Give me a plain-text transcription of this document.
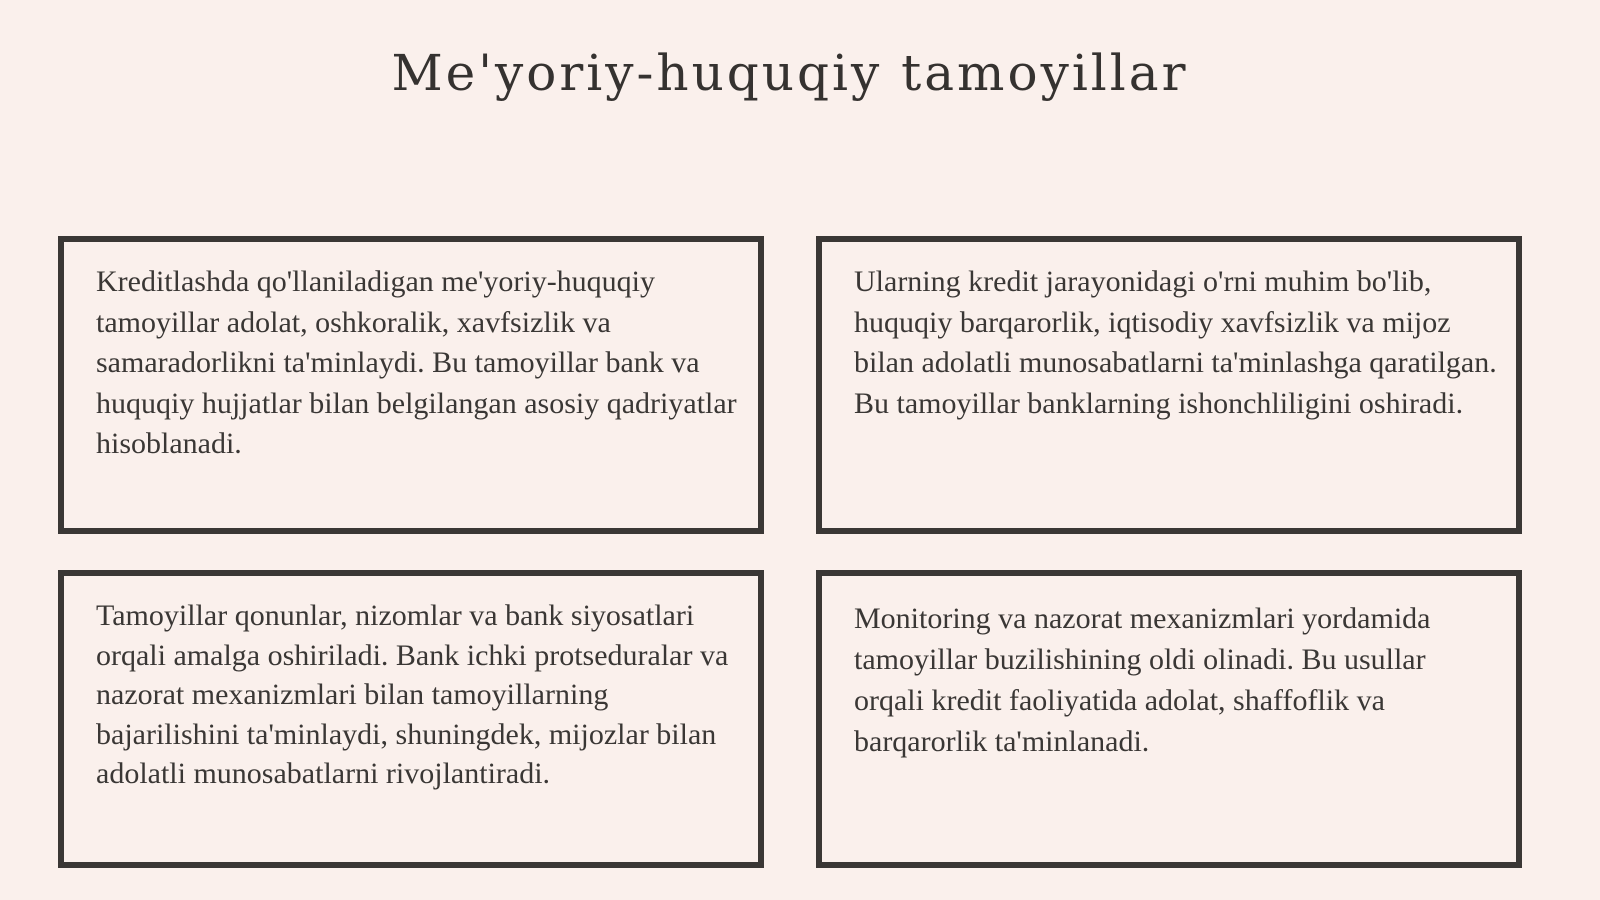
Me'yoriy-huquqiy tamoyillar

Kreditlashda qo'llaniladigan me'yoriy-huquqiy tamoyillar adolat, oshkoralik, xavfsizlik va samaradorlikni ta'minlaydi. Bu tamoyillar bank va huquqiy hujjatlar bilan belgilangan asosiy qadriyatlar hisoblanadi.

Ularning kredit jarayonidagi o'rni muhim bo'lib, huquqiy barqarorlik, iqtisodiy xavfsizlik va mijoz bilan adolatli munosabatlarni ta'minlashga qaratilgan. Bu tamoyillar banklarning ishonchliligini oshiradi.

Tamoyillar qonunlar, nizomlar va bank siyosatlari orqali amalga oshiriladi. Bank ichki protseduralar va nazorat mexanizmlari bilan tamoyillarning bajarilishini ta'minlaydi, shuningdek, mijozlar bilan adolatli munosabatlarni rivojlantiradi.

Monitoring va nazorat mexanizmlari yordamida tamoyillar buzilishining oldi olinadi. Bu usullar orqali kredit faoliyatida adolat, shaffoflik va barqarorlik ta'minlanadi.
